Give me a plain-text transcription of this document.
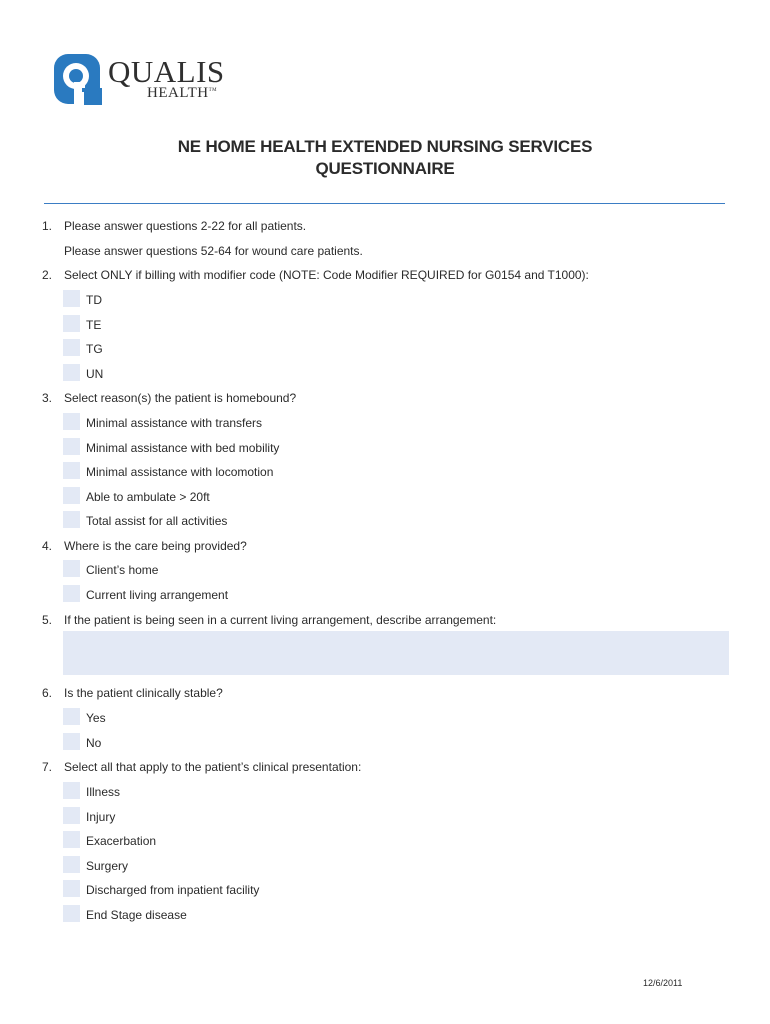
QUALIS
HEALTH™
NE HOME HEALTH EXTENDED NURSING SERVICES
QUESTIONNAIRE
1. Please answer questions 2-22 for all patients.
Please answer questions 52-64 for wound care patients.
2. Select ONLY if billing with modifier code (NOTE: Code Modifier REQUIRED for G0154 and T1000):
TD
TE
TG
UN
3. Select reason(s) the patient is homebound?
Minimal assistance with transfers
Minimal assistance with bed mobility
Minimal assistance with locomotion
Able to ambulate > 20ft
Total assist for all activities
4. Where is the care being provided?
Client’s home
Current living arrangement
5. If the patient is being seen in a current living arrangement, describe arrangement:
6. Is the patient clinically stable?
Yes
No
7. Select all that apply to the patient’s clinical presentation:
Illness
Injury
Exacerbation
Surgery
Discharged from inpatient facility
End Stage disease
12/6/2011
